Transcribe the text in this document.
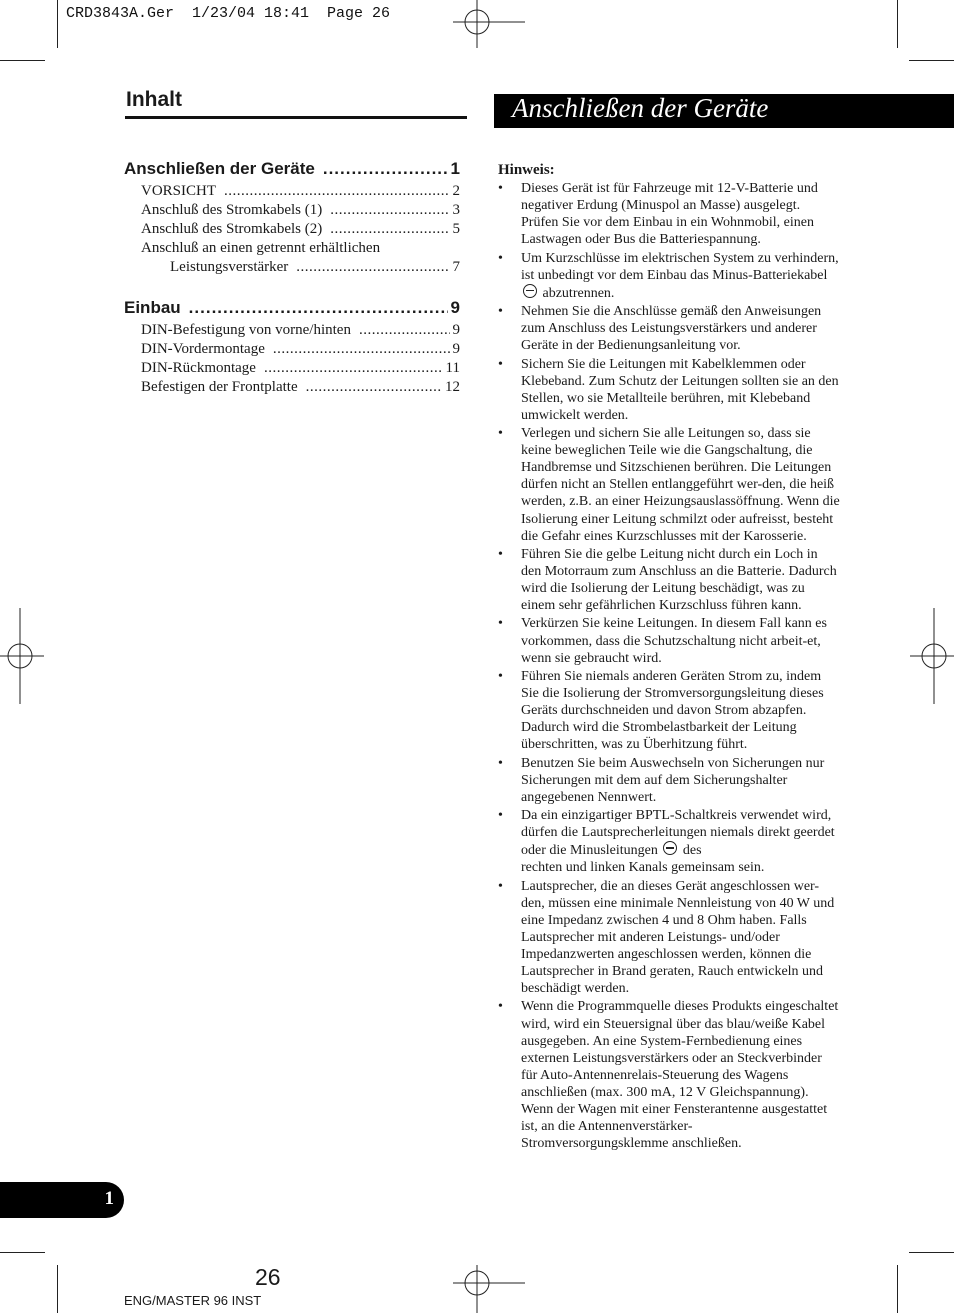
CRD3843A.Ger  1/23/04 18:41  Page 26
Inhalt
Anschließen der Geräte .....	1
VORSICHT .....	2
Anschluß des Stromkabels (1) .....	3
Anschluß des Stromkabels (2) .....	5
Anschluß an einen getrennt erhältlichen
Leistungsverstärker .....	7
Einbau .....	9
DIN-Befestigung von vorne/hinten .....	9
DIN-Vordermontage .....	9
DIN-Rückmontage .....	11
Befestigen der Frontplatte .....	12
Anschließen der Geräte
Hinweis:
• Dieses Gerät ist für Fahrzeuge mit 12-V-Batterie und negativer Erdung (Minuspol an Masse) ausgelegt. Prüfen Sie vor dem Einbau in ein Wohnmobil, einen Lastwagen oder Bus die Batteriespannung.
• Um Kurzschlüsse im elektrischen System zu verhindern, ist unbedingt vor dem Einbau das Minus-Batteriekabel  abzutrennen.
• Nehmen Sie die Anschlüsse gemäß den Anweisungen zum Anschluss des Leistungsverstärkers und anderer Geräte in der Bedienungsanleitung vor.
• Sichern Sie die Leitungen mit Kabelklemmen oder Klebeband. Zum Schutz der Leitungen sollten sie an den Stellen, wo sie Metallteile berühren, mit Klebeband umwickelt werden.
• Verlegen und sichern Sie alle Leitungen so, dass sie keine beweglichen Teile wie die Gangschaltung, die Handbremse und Sitzschienen berühren. Die Leitungen dürfen nicht an Stellen entlanggeführt wer-den, die heiß werden, z.B. an einer Heizungsauslassöffnung. Wenn die Isolierung einer Leitung schmilzt oder aufreisst, besteht die Gefahr eines Kurzschlusses mit der Karosserie.
• Führen Sie die gelbe Leitung nicht durch ein Loch in den Motorraum zum Anschluss an die Batterie. Dadurch wird die Isolierung der Leitung beschädigt, was zu einem sehr gefährlichen Kurzschluss führen kann.
• Verkürzen Sie keine Leitungen. In diesem Fall kann es vorkommen, dass die Schutzschaltung nicht arbeit-et, wenn sie gebraucht wird.
• Führen Sie niemals anderen Geräten Strom zu, indem Sie die Isolierung der Stromversorgungsleitung dieses Geräts durchschneiden und davon Strom abzapfen. Dadurch wird die Strombelastbarkeit der Leitung überschritten, was zu Überhitzung führt.
• Benutzen Sie beim Auswechseln von Sicherungen nur Sicherungen mit dem auf dem Sicherungshalter angegebenen Nennwert.
• Da ein einzigartiger BPTL-Schaltkreis verwendet wird, dürfen die Lautsprecherleitungen niemals direkt geerdet oder die Minusleitungen des
rechten und linken Kanals gemeinsam sein.
• Lautsprecher, die an dieses Gerät angeschlossen wer-den, müssen eine minimale Nennleistung von 40 W und eine Impedanz zwischen 4 und 8 Ohm haben. Falls Lautsprecher mit anderen Leistungs- und/oder Impedanzwerten angeschlossen werden, können die Lautsprecher in Brand geraten, Rauch entwickeln und beschädigt werden.
• Wenn die Programmquelle dieses Produkts eingeschaltet wird, wird ein Steuersignal über das blau/weiße Kabel ausgegeben. An eine System-Fernbedienung eines externen Leistungsverstärkers oder an Steckverbinder für Auto-Antennenrelais-Steuerung des Wagens anschließen (max. 300 mA, 12 V Gleichspannung). Wenn der Wagen mit einer Fensterantenne ausgestattet ist, an die Antennenverstärker-Stromversorgungsklemme anschließen.
1
26
ENG/MASTER 96 INST
